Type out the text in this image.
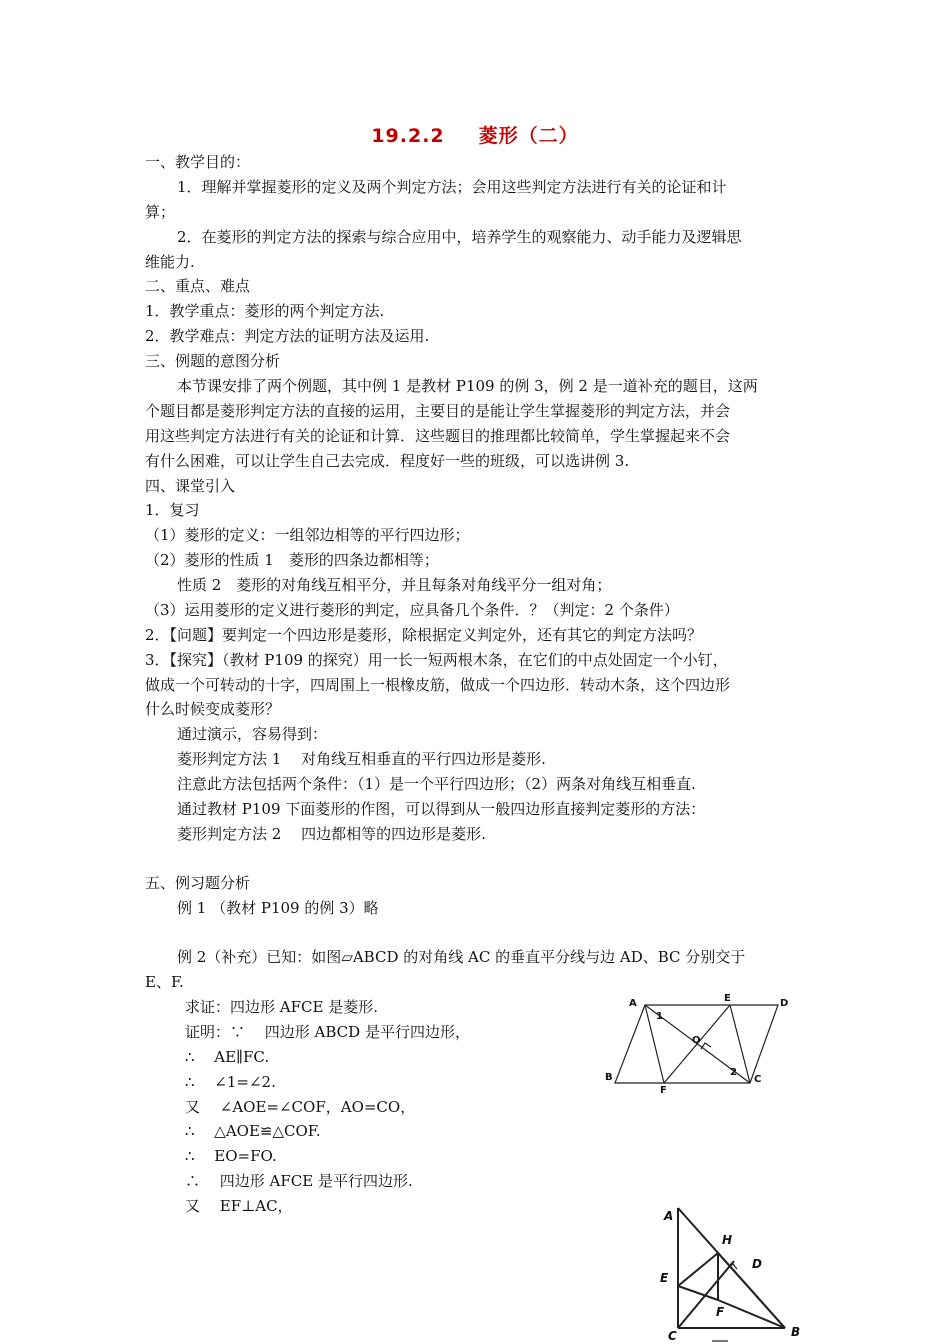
19.2.2 菱形（二）
一、教学目的：
1．理解并掌握菱形的定义及两个判定方法；会用这些判定方法进行有关的论证和计
算；
2．在菱形的判定方法的探索与综合应用中，培养学生的观察能力、动手能力及逻辑思
维能力.
二、重点、难点
1．教学重点：菱形的两个判定方法.
2．教学难点：判定方法的证明方法及运用.
三、例题的意图分析
本节课安排了两个例题，其中例 1 是教材 P109 的例 3，例 2 是一道补充的题目，这两
个题目都是菱形判定方法的直接的运用，主要目的是能让学生掌握菱形的判定方法，并会
用这些判定方法进行有关的论证和计算．这些题目的推理都比较简单，学生掌握起来不会
有什么困难，可以让学生自己去完成．程度好一些的班级，可以选讲例 3.
四、课堂引入
1．复习
（1）菱形的定义：一组邻边相等的平行四边形；
（2）菱形的性质 1　菱形的四条边都相等；
性质 2　菱形的对角线互相平分，并且每条对角线平分一组对角；
（3）运用菱形的定义进行菱形的判定，应具备几个条件．？（判定：2 个条件）
2．【问题】要判定一个四边形是菱形，除根据定义判定外，还有其它的判定方法吗？
3．【探究】（教材 P109 的探究）用一长一短两根木条，在它们的中点处固定一个小钉，
做成一个可转动的十字，四周围上一根橡皮筋，做成一个四边形．转动木条，这个四边形
什么时候变成菱形？
通过演示，容易得到：
菱形判定方法 1　 对角线互相垂直的平行四边形是菱形.
注意此方法包括两个条件：（1）是一个平行四边形；（2）两条对角线互相垂直.
通过教材 P109 下面菱形的作图，可以得到从一般四边形直接判定菱形的方法：
菱形判定方法 2　 四边都相等的四边形是菱形.
五、例习题分析
例 1 （教材 P109 的例 3）略
例 2（补充）已知：如图▱ABCD 的对角线 AC 的垂直平分线与边 AD、BC 分别交于
E、F.
求证：四边形 AFCE 是菱形.
证明：∵　 四边形 ABCD 是平行四边形，
∴　 AE∥FC.
∴　 ∠1=∠2.
又　 ∠AOE=∠COF，AO=CO，
∴　 △AOE≌△COF.
∴　 EO=FO.
∴　 四边形 AFCE 是平行四边形.
又　 EF⊥AC，
A	E	D
1
O
2
B
F
C
A
H
D
E
F
C	B
